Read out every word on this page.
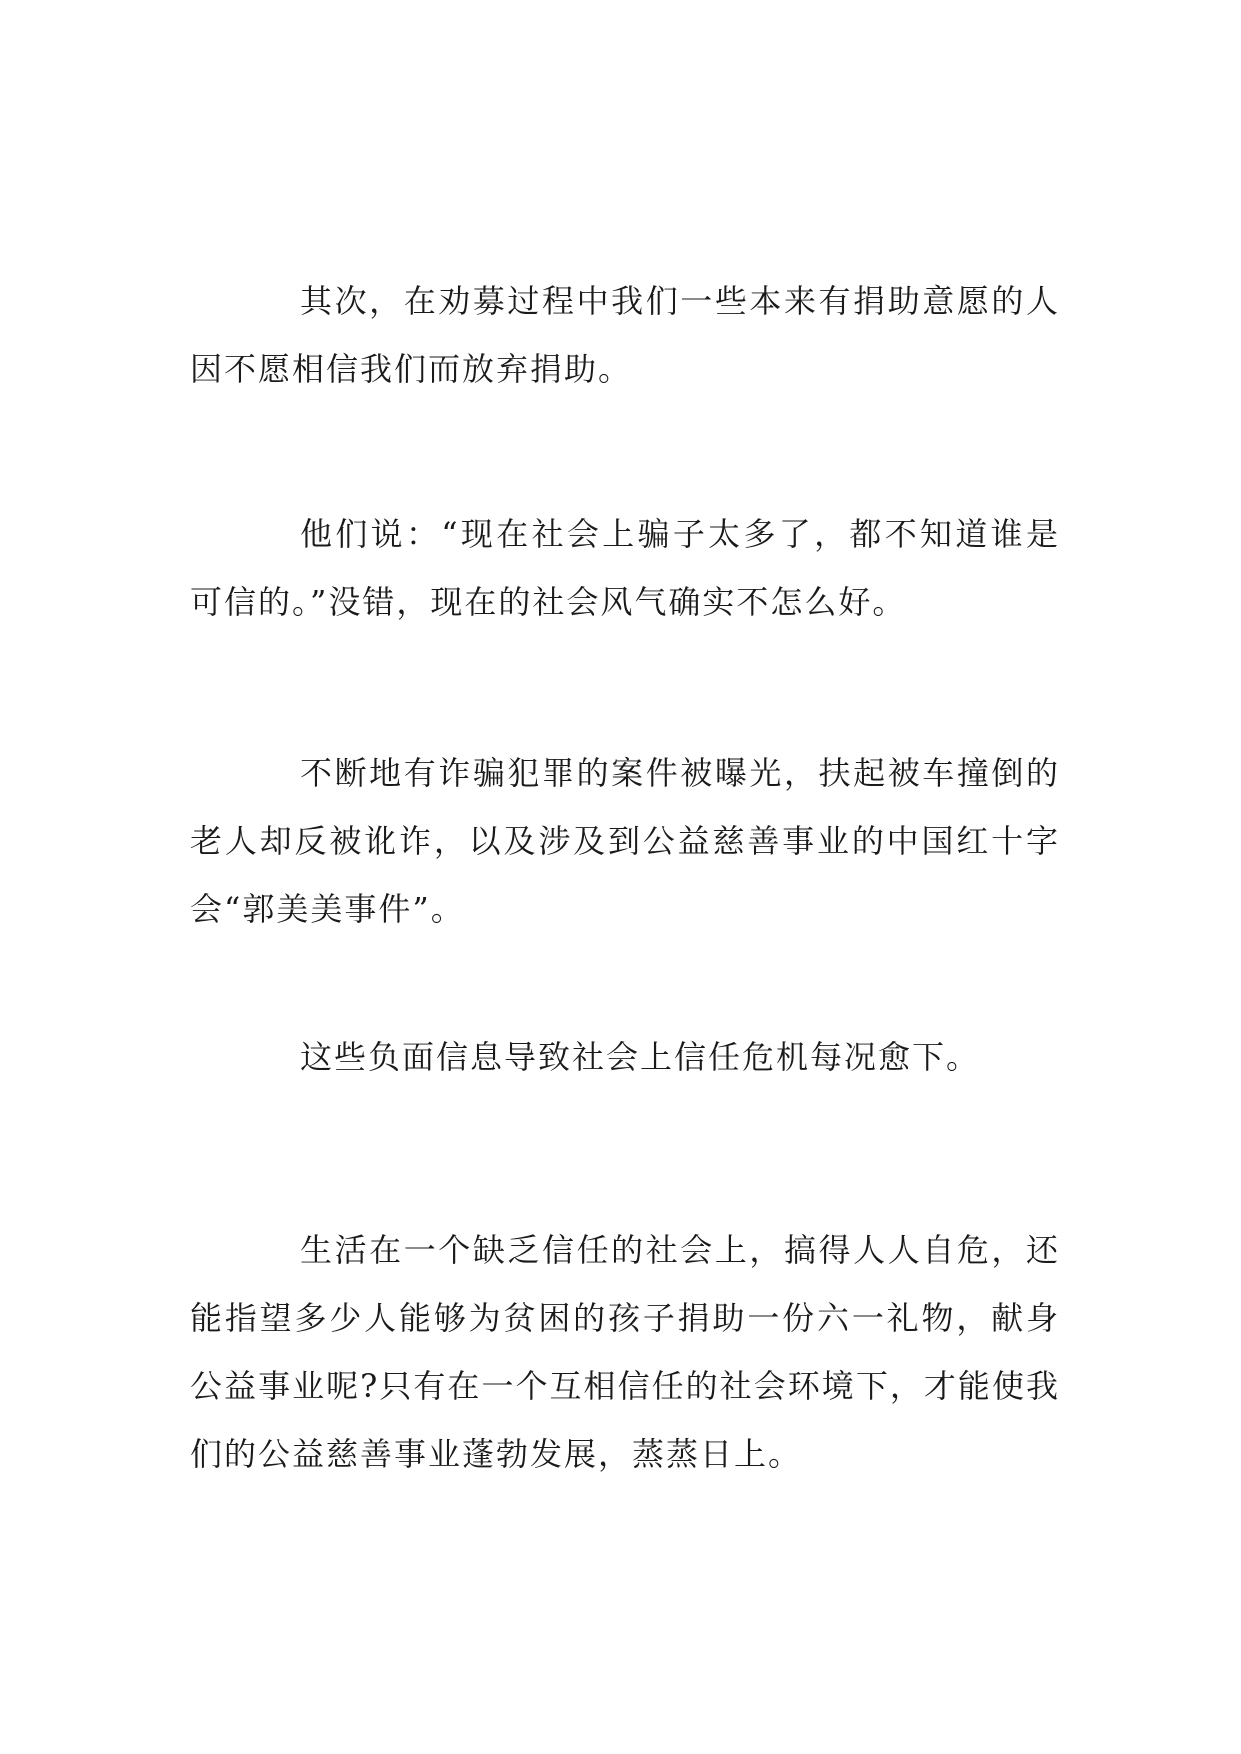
其次，在劝募过程中我们一些本来有捐助意愿的人因不愿相信我们而放弃捐助。

他们说：“现在社会上骗子太多了，都不知道谁是可信的。”没错，现在的社会风气确实不怎么好。

不断地有诈骗犯罪的案件被曝光，扶起被车撞倒的老人却反被讹诈，以及涉及到公益慈善事业的中国红十字会“郭美美事件”。

这些负面信息导致社会上信任危机每况愈下。

生活在一个缺乏信任的社会上，搞得人人自危，还能指望多少人能够为贫困的孩子捐助一份六一礼物，献身公益事业呢?只有在一个互相信任的社会环境下，才能使我们的公益慈善事业蓬勃发展，蒸蒸日上。
